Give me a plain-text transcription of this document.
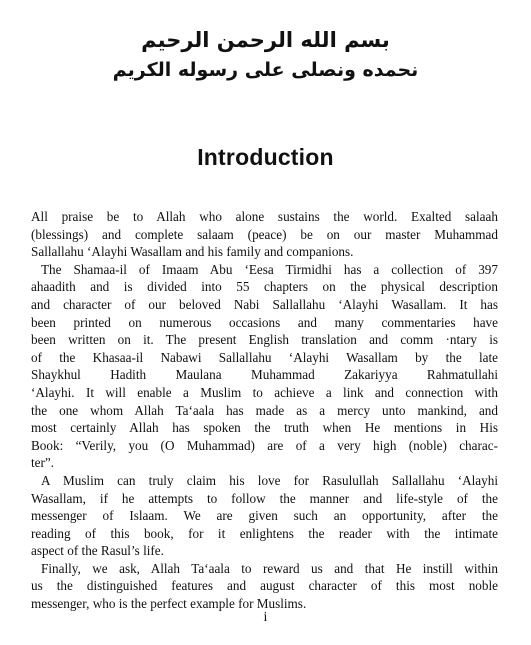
بسم الله الرحمن الرحيم
نحمده ونصلى على رسوله الكريم
Introduction

All praise be to Allah who alone sustains the world. Exalted salaah
(blessings) and complete salaam (peace) be on our master Muhammad
Sallallahu ‘Alayhi Wasallam and his family and companions.

The Shamaa-il of Imaam Abu ‘Eesa Tirmidhi has a collection of 397
ahaadith and is divided into 55 chapters on the physical description
and character of our beloved Nabi Sallallahu ‘Alayhi Wasallam. It has
been printed on numerous occasions and many commentaries have
been written on it. The present English translation and comm ·ntary is
of the Khasaa-il Nabawi Sallallahu ‘Alayhi Wasallam by the late
Shaykhul Hadith Maulana Muhammad Zakariyya Rahmatullahi
‘Alayhi. It will enable a Muslim to achieve a link and connection with
the one whom Allah Ta‘aala has made as a mercy unto mankind, and
most certainly Allah has spoken the truth when He mentions in His
Book: “Verily, you (O Muhammad) are of a very high (noble) charac-
ter”.

A Muslim can truly claim his love for Rasulullah Sallallahu ‘Alayhi
Wasallam, if he attempts to follow the manner and life-style of the
messenger of Islaam. We are given such an opportunity, after the
reading of this book, for it enlightens the reader with the intimate
aspect of the Rasul’s life.

Finally, we ask, Allah Ta‘aala to reward us and that He instill within
us the distinguished features and august character of this most noble
messenger, who is the perfect example for Muslims.

i
